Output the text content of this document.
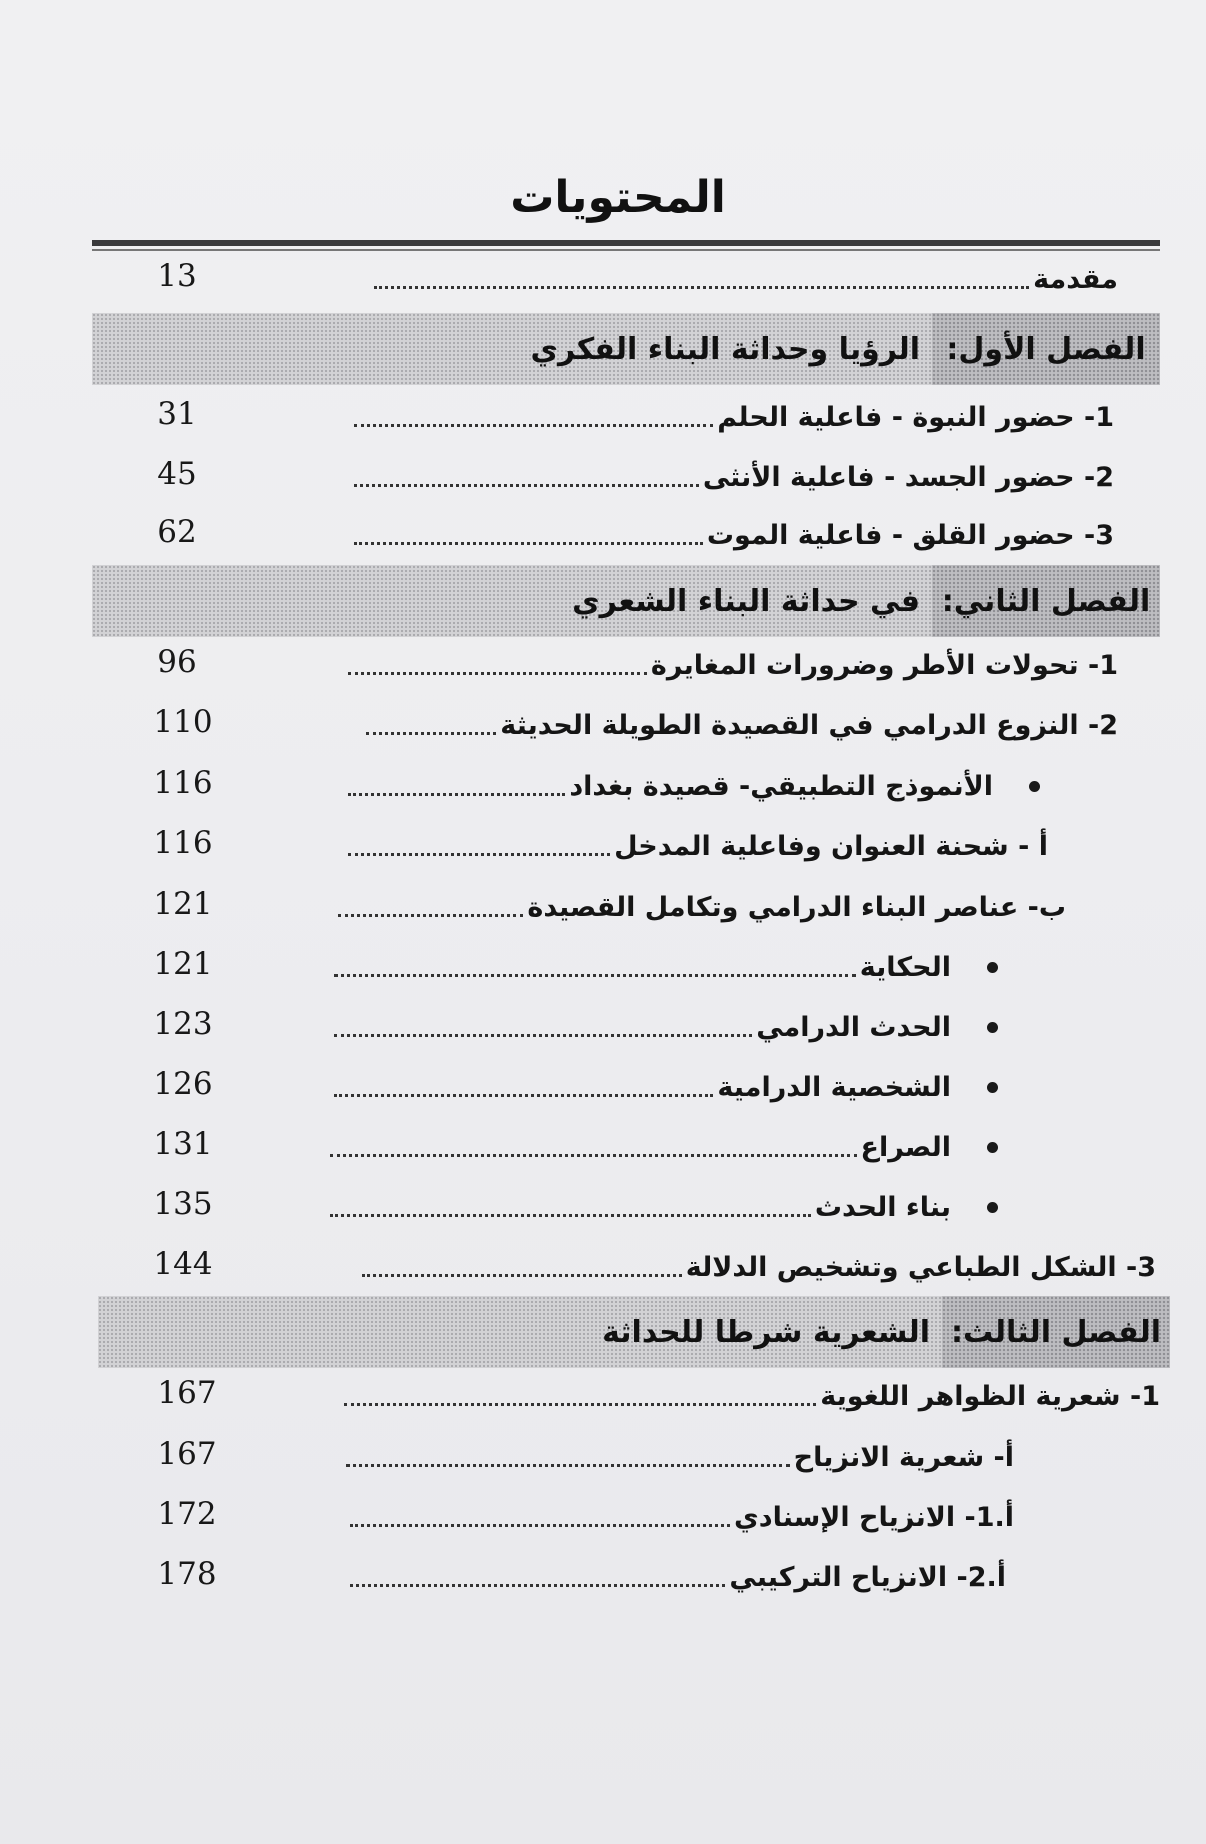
المحتويات
مقدمة
13
الفصل الأول:
الرؤيا وحداثة البناء الفكري
1- حضور النبوة - فاعلية الحلم
31
2- حضور الجسد - فاعلية الأنثى
45
3- حضور القلق - فاعلية الموت
62
الفصل الثاني:
في حداثة البناء الشعري
1- تحولات الأطر وضرورات المغايرة
96
2- النزوع الدرامي في القصيدة الطويلة الحديثة
110
الأنموذج التطبيقي- قصيدة بغداد
116
أ - شحنة العنوان وفاعلية المدخل
116
ب- عناصر البناء الدرامي وتكامل القصيدة
121
الحكاية
121
الحدث الدرامي
123
الشخصية الدرامية
126
الصراع
131
بناء الحدث
135
3- الشكل الطباعي وتشخيص الدلالة
144
الفصل الثالث:
الشعرية شرطا للحداثة
1- شعرية الظواهر اللغوية
167
أ- شعرية الانزياح
167
أ.1- الانزياح الإسنادي
172
أ.2- الانزياح التركيبي
178
